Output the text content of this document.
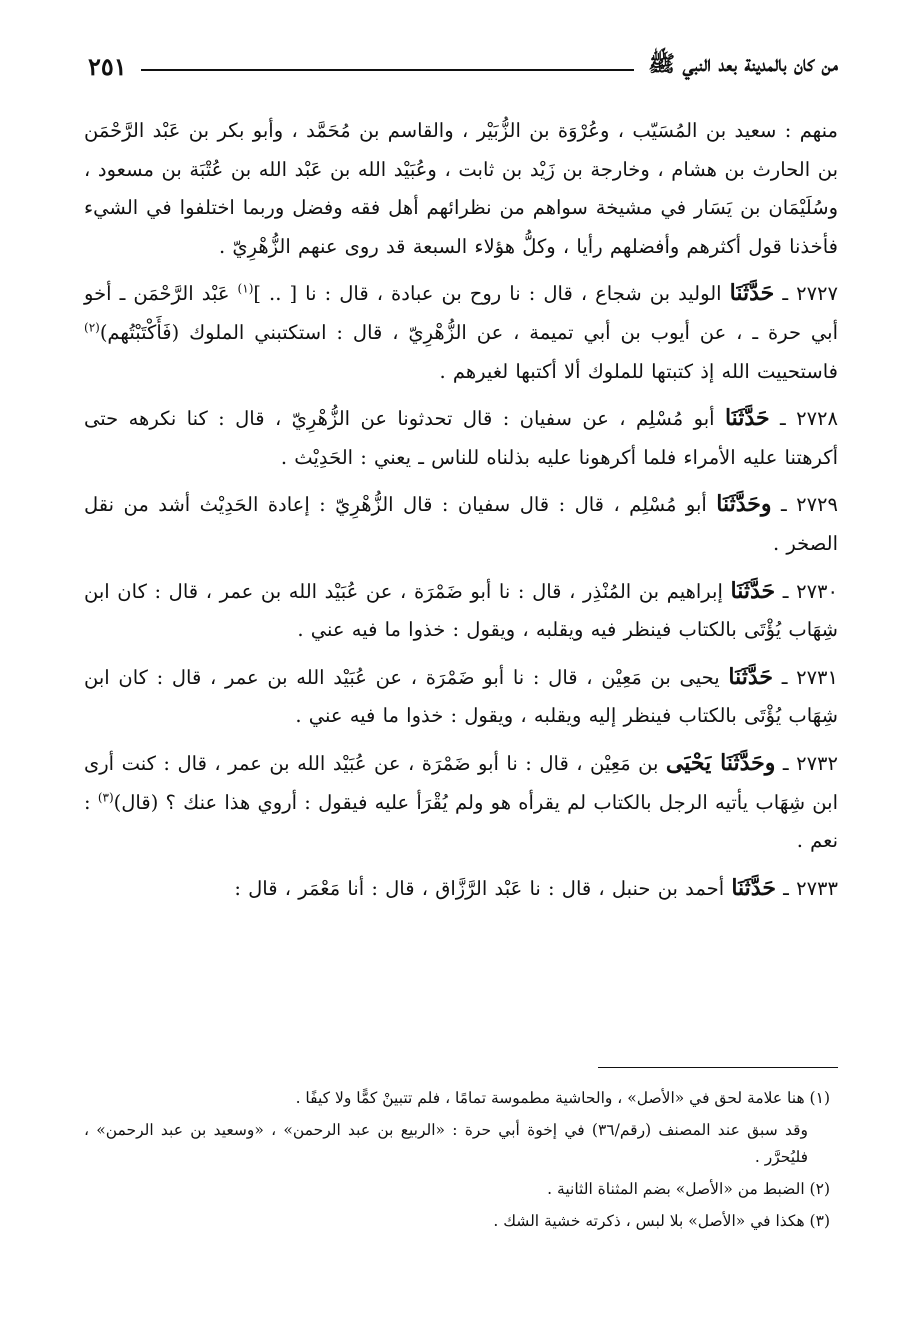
من كان بالمدينة بعد النبي ﷺ
٢٥١

منهم : سعيد بن المُسَيّب ، وعُرْوَة بن الزُّبَيْر ، والقاسم بن مُحَمَّد ، وأبو بكر بن عَبْد الرَّحْمَن بن الحارث بن هشام ، وخارجة بن زَيْد بن ثابت ، وعُبَيْد الله بن عَبْد الله بن عُتْبَة بن مسعود ، وسُلَيْمَان بن يَسَار في مشيخة سواهم من نظرائهم أهل فقه وفضل وربما اختلفوا في الشيء فأخذنا قول أكثرهم وأفضلهم رأيا ، وكلُّ هؤلاء السبعة قد روى عنهم الزُّهْرِيّ .

٢٧٢٧ ـ حَدَّثَنَا الوليد بن شجاع ، قال : نا روح بن عبادة ، قال : نا [ .. ]$^{(١)}$ عَبْد الرَّحْمَن ـ أخو أبي حرة ـ ، عن أيوب بن أبي تميمة ، عن الزُّهْرِيّ ، قال : استكتبني الملوك (فَأَكْتَبْتُهم)$^{(٢)}$ فاستحييت الله إذ كتبتها للملوك ألا أكتبها لغيرهم .

٢٧٢٨ ـ حَدَّثَنَا أبو مُسْلِم ، عن سفيان : قال تحدثونا عن الزُّهْرِيّ ، قال : كنا نكرهه حتى أكرهتنا عليه الأمراء فلما أكرهونا عليه بذلناه للناس ـ يعني : الحَدِيْث .

٢٧٢٩ ـ وحَدَّثَنَا أبو مُسْلِم ، قال : قال سفيان : قال الزُّهْرِيّ : إعادة الحَدِيْث أشد من نقل الصخر .

٢٧٣٠ ـ حَدَّثَنَا إبراهيم بن المُنْذِر ، قال : نا أبو ضَمْرَة ، عن عُبَيْد الله بن عمر ، قال : كان ابن شِهَاب يُؤْتَى بالكتاب فينظر فيه ويقلبه ، ويقول : خذوا ما فيه عني .

٢٧٣١ ـ حَدَّثَنَا يحيى بن مَعِيْن ، قال : نا أبو ضَمْرَة ، عن عُبَيْد الله بن عمر ، قال : كان ابن شِهَاب يُؤْتَى بالكتاب فينظر إليه ويقلبه ، ويقول : خذوا ما فيه عني .

٢٧٣٢ ـ وحَدَّثَنَا يَحْيَى بن مَعِيْن ، قال : نا أبو ضَمْرَة ، عن عُبَيْد الله بن عمر ، قال : كنت أرى ابن شِهَاب يأتيه الرجل بالكتاب لم يقرأه هو ولم يُقْرَأ عليه فيقول : أروي هذا عنك ؟ (قال)$^{(٣)}$ : نعم .

٢٧٣٣ ـ حَدَّثَنَا أحمد بن حنبل ، قال : نا عَبْد الرَّزَّاق ، قال : أنا مَعْمَر ، قال :

(١) هنا علامة لحق في «الأصل» ، والحاشية مطموسة تمامًا ، فلم تتبينْ كمًّا ولا كيفًا .

وقد سبق عند المصنف (رقم/٣٦) في إخوة أبي حرة : «الربيع بن عبد الرحمن» ، «وسعيد بن عبد الرحمن» ، فليُحرَّر .

(٢) الضبط من «الأصل» بضم المثناة الثانية .

(٣) هكذا في «الأصل» بلا لبس ، ذكرته خشية الشك .
